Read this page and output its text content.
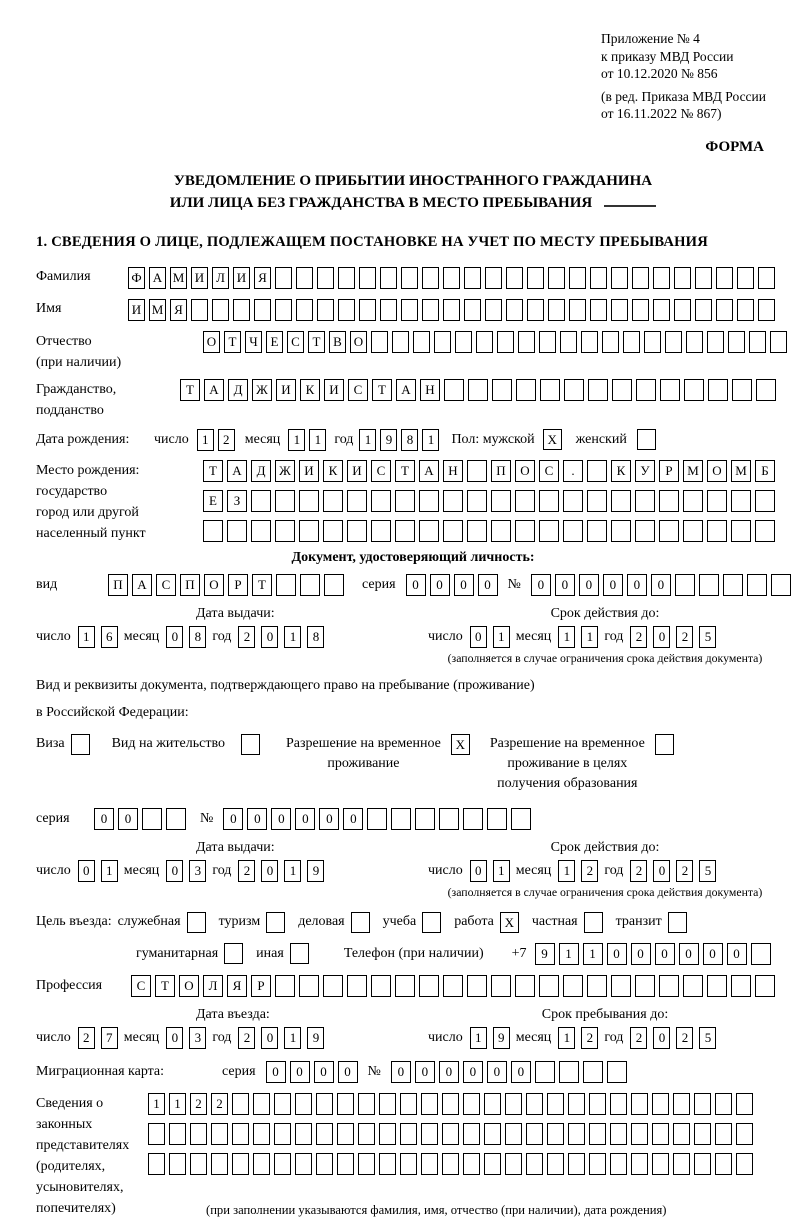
Приложение № 4
к приказу МВД России
от 10.12.2020 № 856
(в ред. Приказа МВД России
от 16.11.2022 № 867)
ФОРМА
УВЕДОМЛЕНИЕ О ПРИБЫТИИ ИНОСТРАННОГО ГРАЖДАНИНА
ИЛИ ЛИЦА БЕЗ ГРАЖДАНСТВА В МЕСТО ПРЕБЫВАНИЯ
1. СВЕДЕНИЯ О ЛИЦЕ, ПОДЛЕЖАЩЕМ ПОСТАНОВКЕ НА УЧЕТ ПО МЕСТУ ПРЕБЫВАНИЯ
Фамилия	Ф А М И Л И Я
Имя	И М Я
Отчество
(при наличии)
О Т Ч Е С Т В О
Гражданство,
подданство
Т А Д Ж И К И С Т А Н
Дата рождения:	число	1 2	месяц	1 1 год 1 9 8 1	Пол: мужской X	женский
Место рождения:
государство
город или другой
населенный пункт
Т А Д Ж И К И С Т А Н	П О С .	К У Р М О М Б
Е З
Документ, удостоверяющий личность:
вид	П А С П О Р Т	серия	0 0 0 0	№	0 0 0 0 0 0
Дата выдачи:
число 1 6 месяц 0 8 год 2 0 1 8
Срок действия до:
число 0 1 месяц 1 1 год 2 0 2 5
(заполняется в случае ограничения срока действия документа)
Вид и реквизиты документа, подтверждающего право на пребывание (проживание)
в Российской Федерации:
Виза	Вид на жительство	Разрешение на временное
проживание
X	Разрешение на временное
проживание в целях
получения образования
серия	0 0	№	0 0 0 0 0 0
Дата выдачи:
число 0 1 месяц 0 3 год 2 0 1 9
Срок действия до:
число 0 1 месяц 1 2 год 2 0 2 5
(заполняется в случае ограничения срока действия документа)
Цель въезда: служебная	туризм	деловая	учеба	работа X	частная	транзит
гуманитарная	иная	Телефон (при наличии) +7	9 1 1 0 0 0 0 0 0
Профессия	С Т О Л Я Р
Дата въезда:
число 2 7 месяц 0 3 год 2 0 1 9
Срок пребывания до:
число 1 9 месяц 1 2 год 2 0 2 5
Миграционная карта:	серия	0 0 0 0	№	0 0 0 0 0 0
Сведения о
законных
представителях
(родителях,
усыновителях,
попечителях)
1 1 2 2
(при заполнении указываются фамилия, имя, отчество (при наличии), дата рождения)
